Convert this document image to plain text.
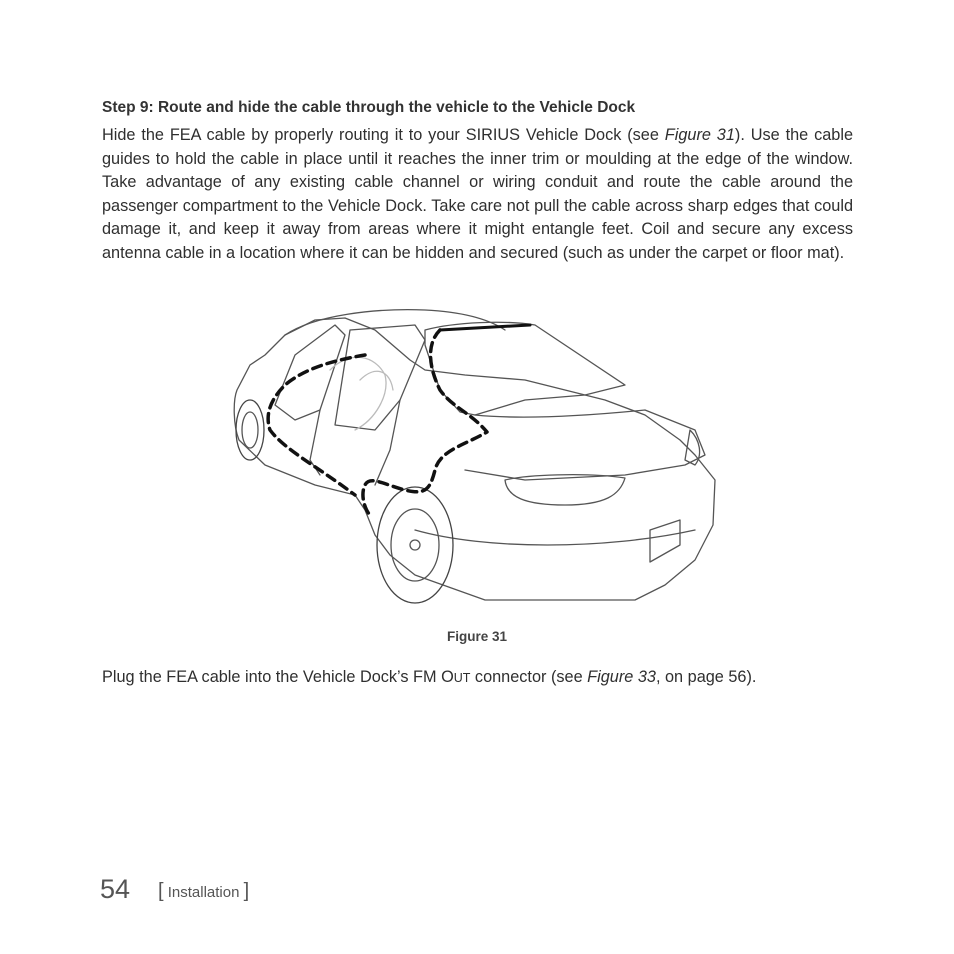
Step 9: Route and hide the cable through the vehicle to the Vehicle Dock
Hide the FEA cable by properly routing it to your SIRIUS Vehicle Dock (see Figure 31). Use the cable guides to hold the cable in place until it reaches the inner trim or moulding at the edge of the window. Take advantage of any existing cable channel or wiring conduit and route the cable around the passenger compartment to the Vehicle Dock. Take care not pull the cable across sharp edges that could damage it, and keep it away from areas where it might entangle feet. Coil and secure any excess antenna cable in a location where it can be hidden and secured (such as under the carpet or floor mat).
Figure 31
Plug the FEA cable into the Vehicle Dock’s FM OUT connector (see Figure 33, on page 56).
54 [ Installation ]
